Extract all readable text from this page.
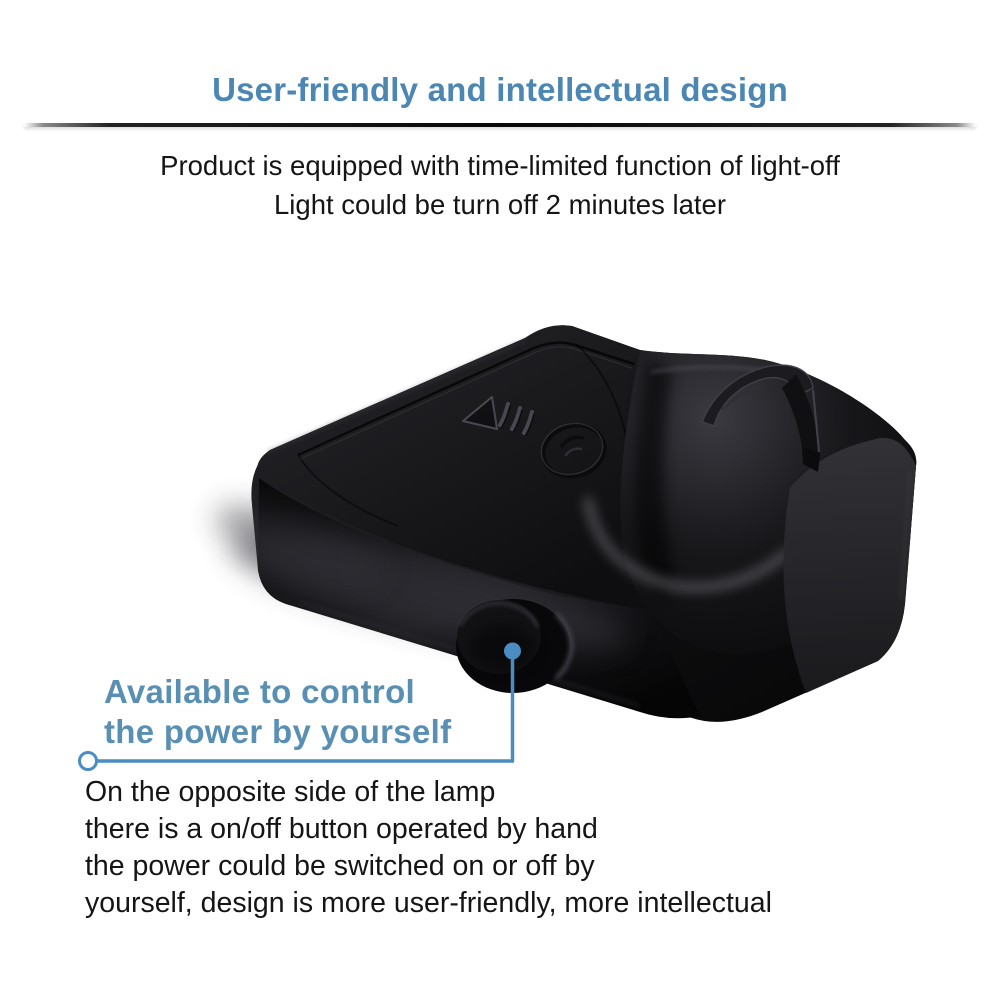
User-friendly and intellectual design

Product is equipped with time-limited function of light-off

Light could be turn off 2 minutes later

Available to control
the power by yourself
On the opposite side of the lamp
there is a on/off button operated by hand
the power could be switched on or off by
yourself, design is more user-friendly, more intellectual
